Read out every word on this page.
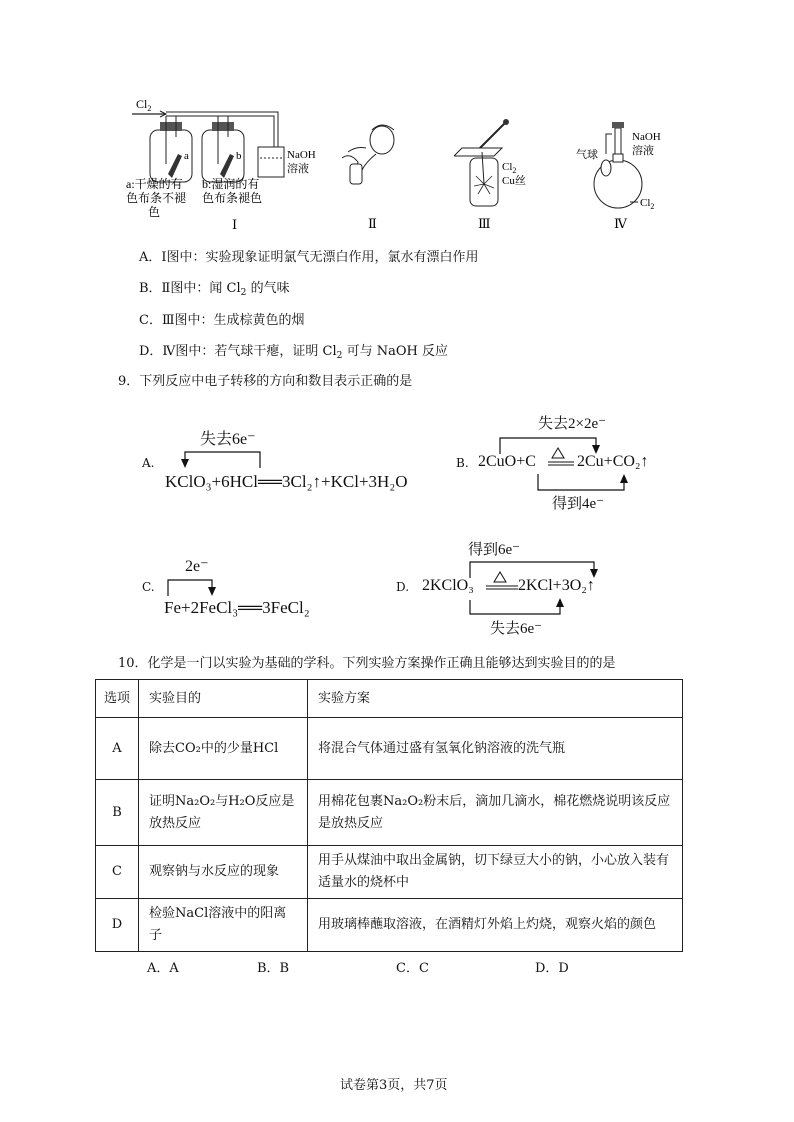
$Cl_2$
a	b	NaOH
溶液
a:干燥的有
色布条不褪
色
b:湿润的有
色布条褪色
Ⅰ	Ⅱ
$Cl_2$
Cu丝
Ⅲ
NaOH
溶液
气球
$Cl_2$
Ⅳ
A．Ⅰ图中：实验现象证明氯气无漂白作用，氯水有漂白作用
B．Ⅱ图中：闻 $Cl_2$ 的气味
C．Ⅲ图中：生成棕黄色的烟
D．Ⅳ图中：若气球干瘪，证明 $Cl_2$ 可与 NaOH 反应
9．下列反应中电子转移的方向和数目表示正确的是
A.
失去6e⁻
KClO₃+6HCl══3Cl₂↑+KCl+3H₂O
B.
失去2×2e⁻
2CuO+C	2Cu+CO₂↑
得到4e⁻
C.
2e⁻
Fe+2FeCl₃══3FeCl₂
D.
得到6e⁻
2KClO₃	2KCl+3O₂↑
失去6e⁻
10．化学是一门以实验为基础的学科。下列实验方案操作正确且能够达到实验目的的是
选项	实验目的	实验方案
A	除去CO₂中的少量HCl	将混合气体通过盛有氢氧化钠溶液的洗气瓶
B	证明Na₂O₂与H₂O反应是放热反应	用棉花包裹Na₂O₂粉末后，滴加几滴水，棉花燃烧说明该反应是放热反应
C	观察钠与水反应的现象	用手从煤油中取出金属钠，切下绿豆大小的钠，小心放入装有适量水的烧杯中
D	检验NaCl溶液中的阳离子	用玻璃棒蘸取溶液，在酒精灯外焰上灼烧，观察火焰的颜色
A．A	B．B	C．C	D．D
试卷第3页，共7页
